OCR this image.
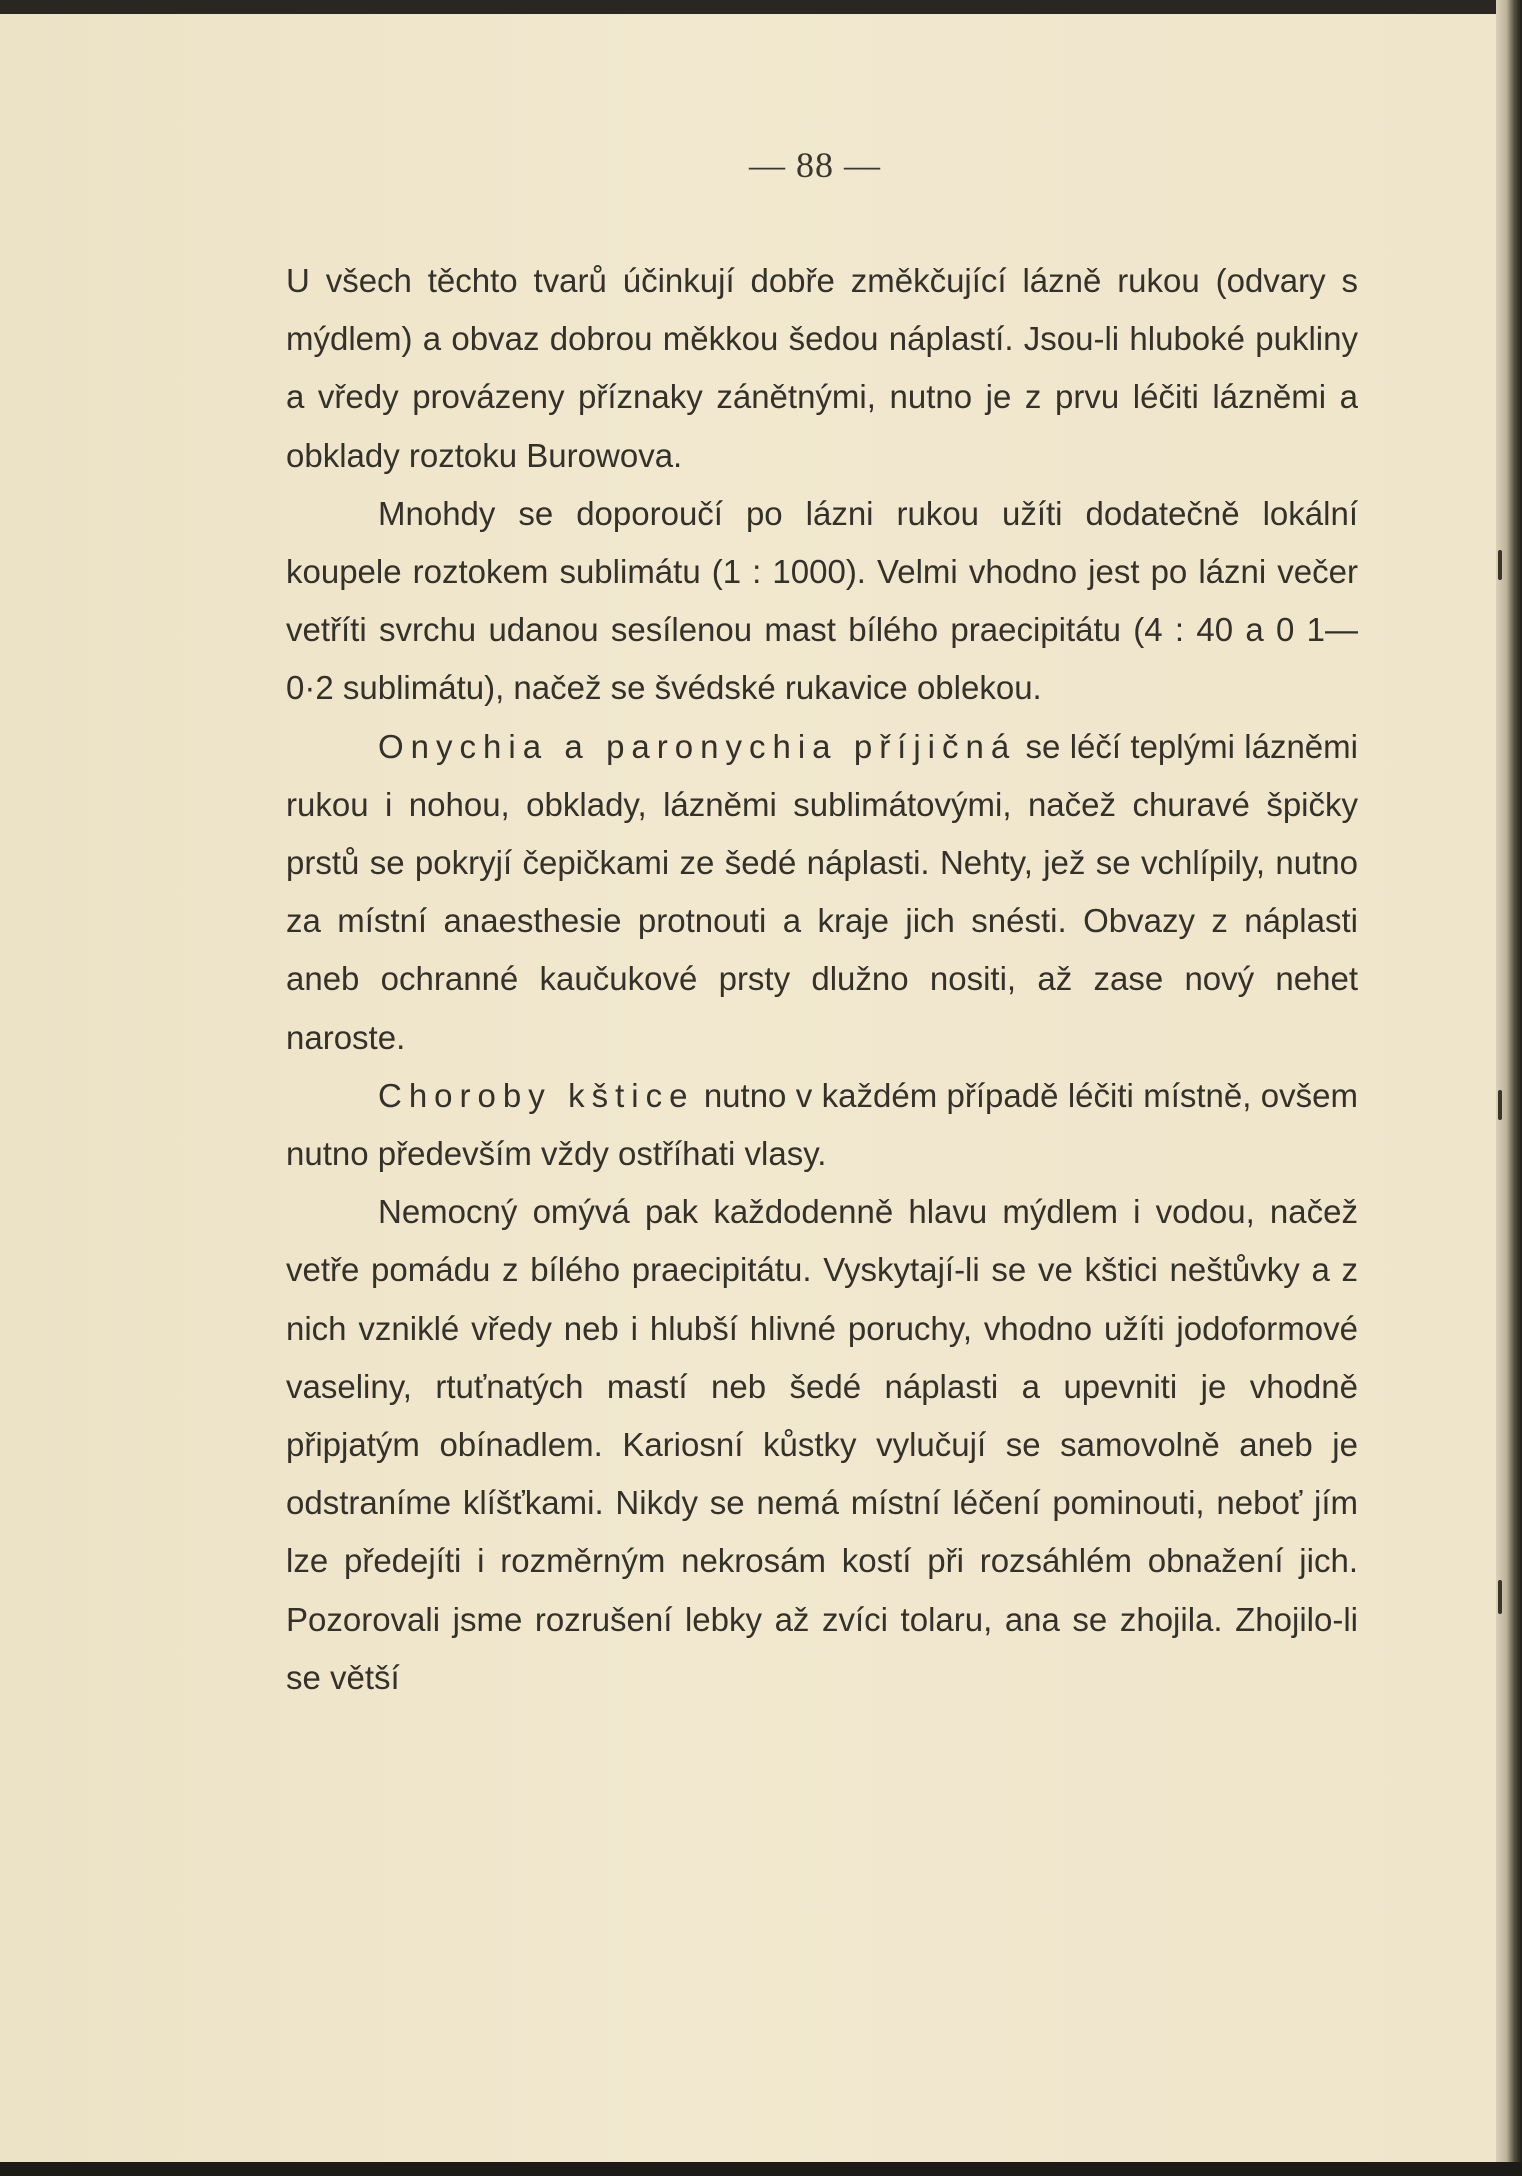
— 88 —

U všech těchto tvarů účinkují dobře změkčující lázně rukou (odvary s mýdlem) a obvaz dobrou měkkou šedou náplastí. Jsou-li hluboké pukliny a vředy provázeny příznaky zánětnými, nutno je z prvu léčiti lázněmi a obklady roztoku Burowova.

Mnohdy se doporoučí po lázni rukou užíti dodatečně lokální koupele roztokem sublimátu (1 : 1000). Velmi vhodno jest po lázni večer vetříti svrchu udanou sesílenou mast bílého praecipitátu (4 : 40 a 0 1—0·2 sublimátu), načež se švédské rukavice oblekou.

Onychia a paronychia příjičná se léčí teplými lázněmi rukou i nohou, obklady, lázněmi sublimátovými, načež churavé špičky prstů se pokryjí čepičkami ze šedé náplasti. Nehty, jež se vchlípily, nutno za místní anaesthesie protnouti a kraje jich snésti. Obvazy z náplasti aneb ochranné kaučukové prsty dlužno nositi, až zase nový nehet naroste.

Choroby kštice nutno v každém případě léčiti místně, ovšem nutno především vždy ostříhati vlasy.

Nemocný omývá pak každodenně hlavu mýdlem i vodou, načež vetře pomádu z bílého praecipitátu. Vyskytají-li se ve kštici neštůvky a z nich vzniklé vředy neb i hlubší hlivné poruchy, vhodno užíti jodoformové vaseliny, rtuťnatých mastí neb šedé náplasti a upevniti je vhodně připjatým obínadlem. Kariosní kůstky vylučují se samovolně aneb je odstraníme klíšťkami. Nikdy se nemá místní léčení pominouti, neboť jím lze předejíti i rozměrným nekrosám kostí při rozsáhlém obnažení jich. Pozorovali jsme rozrušení lebky až zvíci tolaru, ana se zhojila. Zhojilo-li se větší
